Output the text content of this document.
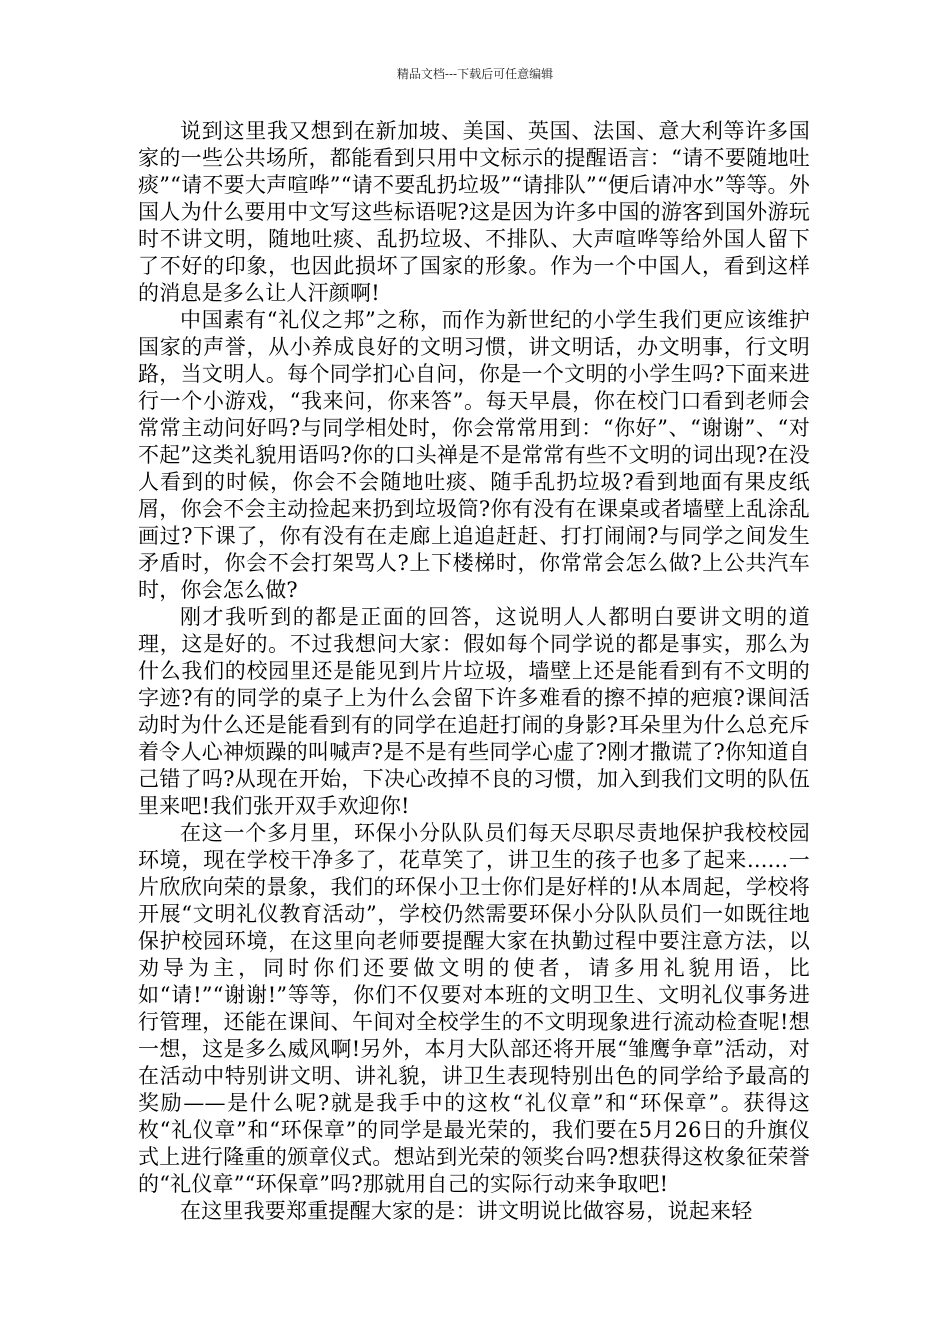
精品文档---下载后可任意编辑

说到这里我又想到在新加坡、美国、英国、法国、意大利等许多国家的一些公共场所，都能看到只用中文标示的提醒语言：“请不要随地吐痰”“请不要大声喧哗”“请不要乱扔垃圾”“请排队”“便后请冲水”等等。外国人为什么要用中文写这些标语呢?这是因为许多中国的游客到国外游玩时不讲文明，随地吐痰、乱扔垃圾、不排队、大声喧哗等给外国人留下了不好的印象，也因此损坏了国家的形象。作为一个中国人，看到这样的消息是多么让人汗颜啊!

中国素有“礼仪之邦”之称，而作为新世纪的小学生我们更应该维护国家的声誉，从小养成良好的文明习惯，讲文明话，办文明事，行文明路，当文明人。每个同学扪心自问，你是一个文明的小学生吗?下面来进行一个小游戏，“我来问，你来答”。每天早晨，你在校门口看到老师会常常主动问好吗?与同学相处时，你会常常用到：“你好”、“谢谢”、“对不起”这类礼貌用语吗?你的口头禅是不是常常有些不文明的词出现?在没人看到的时候，你会不会随地吐痰、随手乱扔垃圾?看到地面有果皮纸屑，你会不会主动捡起来扔到垃圾筒?你有没有在课桌或者墙壁上乱涂乱画过?下课了，你有没有在走廊上追追赶赶、打打闹闹?与同学之间发生矛盾时，你会不会打架骂人?上下楼梯时，你常常会怎么做?上公共汽车时，你会怎么做?

刚才我听到的都是正面的回答，这说明人人都明白要讲文明的道理，这是好的。不过我想问大家：假如每个同学说的都是事实，那么为什么我们的校园里还是能见到片片垃圾，墙壁上还是能看到有不文明的字迹?有的同学的桌子上为什么会留下许多难看的擦不掉的疤痕?课间活动时为什么还是能看到有的同学在追赶打闹的身影?耳朵里为什么总充斥着令人心神烦躁的叫喊声?是不是有些同学心虚了?刚才撒谎了?你知道自己错了吗?从现在开始，下决心改掉不良的习惯，加入到我们文明的队伍里来吧!我们张开双手欢迎你!

在这一个多月里，环保小分队队员们每天尽职尽责地保护我校校园环境，现在学校干净多了，花草笑了，讲卫生的孩子也多了起来......一片欣欣向荣的景象，我们的环保小卫士你们是好样的!从本周起，学校将开展“文明礼仪教育活动”，学校仍然需要环保小分队队员们一如既往地保护校园环境，在这里向老师要提醒大家在执勤过程中要注意方法，以劝导为主，同时你们还要做文明的使者，请多用礼貌用语，比如“请!”“谢谢!”等等，你们不仅要对本班的文明卫生、文明礼仪事务进行管理，还能在课间、午间对全校学生的不文明现象进行流动检查呢!想一想，这是多么威风啊!另外，本月大队部还将开展“雏鹰争章”活动，对在活动中特别讲文明、讲礼貌，讲卫生表现特别出色的同学给予最高的奖励——是什么呢?就是我手中的这枚“礼仪章”和“环保章”。获得这枚“礼仪章”和“环保章”的同学是最光荣的，我们要在5月26日的升旗仪式上进行隆重的颁章仪式。想站到光荣的领奖台吗?想获得这枚象征荣誉的“礼仪章”“环保章”吗?那就用自己的实际行动来争取吧!

在这里我要郑重提醒大家的是：讲文明说比做容易，说起来轻
